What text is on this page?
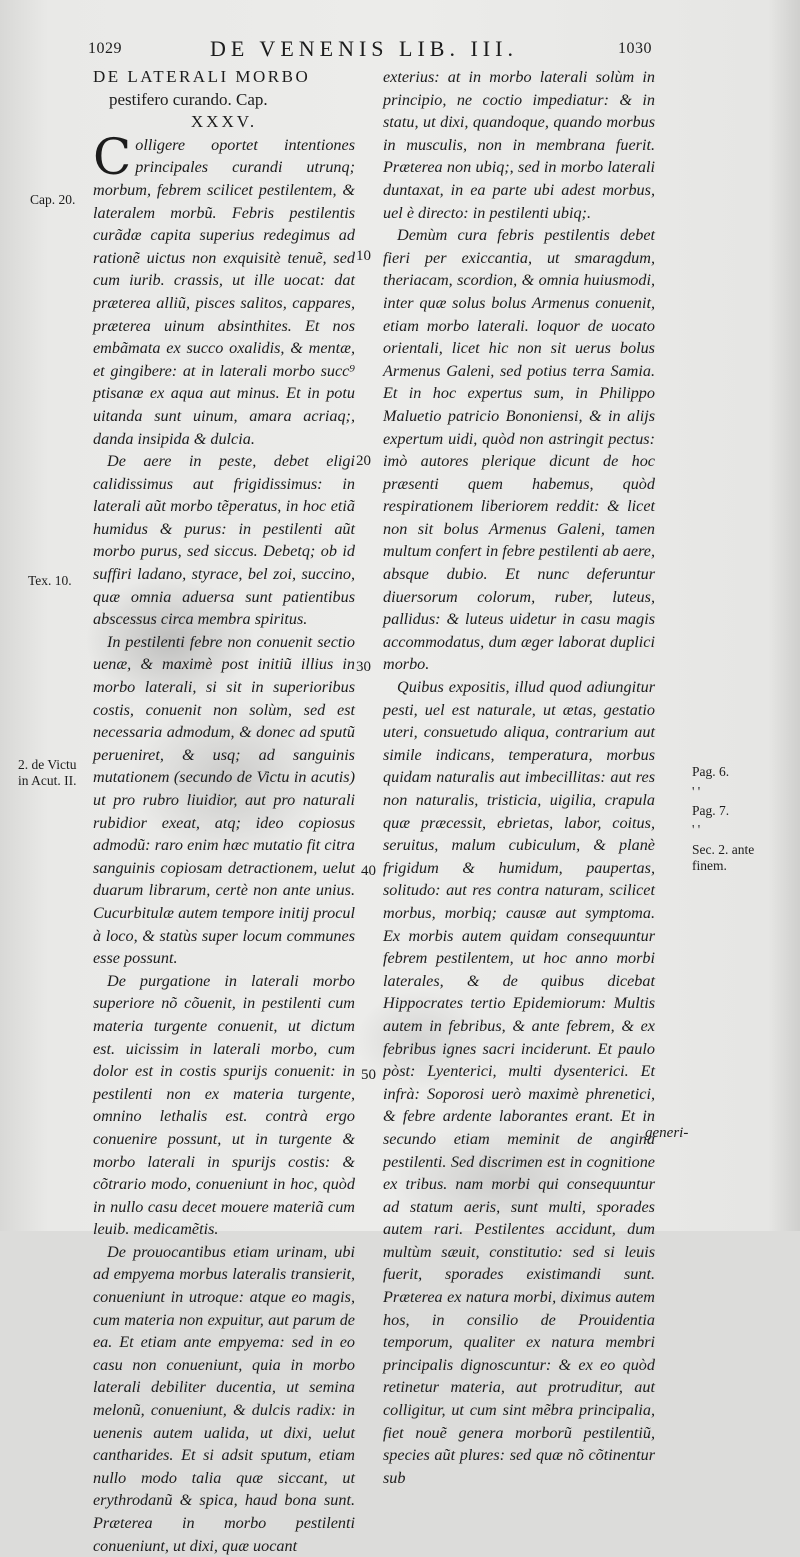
1029	DE VENENIS LIB. III.	1030
DE LATERALI MORBO
pestifero curando. Cap.
XXXV.

Colligere oportet intentiones principales curandi utrunq; morbum, febrem scilicet pestilentem, & lateralem morbũ. Febris pestilentis curãdæ capita superius redegimus ad rationẽ uictus non exquisitè tenuẽ, sed cum iurib. crassis, ut ille uocat: dat præterea alliũ, pisces salitos, cappares, præterea uinum absinthites. Et nos embãmata ex succo oxalidis, & mentæ, et gingibere: at in laterali morbo succ⁹ ptisanæ ex aqua aut minus. Et in potu uitanda sunt uinum, amara acriaq;, danda insipida & dulcia.

De aere in peste, debet eligi calidissimus aut frigidissimus: in laterali aũt morbo tẽperatus, in hoc etiã humidus & purus: in pestilenti aũt morbo purus, sed siccus. Debetq; ob id suffiri ladano, styrace, bel zoi, succino, quæ omnia aduersa sunt patientibus abscessus circa membra spiritus.

In pestilenti febre non conuenit sectio uenæ, & maximè post initiũ illius in morbo laterali, si sit in superioribus costis, conuenit non solùm, sed est necessaria admodum, & donec ad sputũ perueniret, & usq; ad sanguinis mutationem (secundo de Victu in acutis) ut pro rubro liuidior, aut pro naturali rubidior exeat, atq; ideo copiosus admodũ: raro enim hæc mutatio fit citra sanguinis copiosam detractionem, uelut duarum librarum, certè non ante unius. Cucurbitulæ autem tempore initij procul à loco, & statùs super locum communes esse possunt.

De purgatione in laterali morbo superiore nõ cõuenit, in pestilenti cum materia turgente conuenit, ut dictum est. uicissim in laterali morbo, cum dolor est in costis spurijs conuenit: in pestilenti non ex materia turgente, omnino lethalis est. contrà ergo conuenire possunt, ut in turgente & morbo laterali in spurijs costis: & cõtrario modo, conueniunt in hoc, quòd in nullo casu decet mouere materiã cum leuib. medicamẽtis.

De prouocantibus etiam urinam, ubi ad empyema morbus lateralis transierit, conueniunt in utroque: atque eo magis, cum materia non expuitur, aut parum de ea. Et etiam ante empyema: sed in eo casu non conueniunt, quia in morbo laterali debiliter ducentia, ut semina melonũ, conueniunt, & dulcis radix: in uenenis autem ualida, ut dixi, uelut cantharides. Et si adsit sputum, etiam nullo modo talia quæ siccant, ut erythrodanũ & spica, haud bona sunt. Præterea in morbo pestilenti conueniunt, ut dixi, quæ uocant

exterius: at in morbo laterali solùm in principio, ne coctio impediatur: & in statu, ut dixi, quandoque, quando morbus in musculis, non in membrana fuerit. Præterea non ubiq;, sed in morbo laterali duntaxat, in ea parte ubi adest morbus, uel è directo: in pestilenti ubiq;.

Demùm cura febris pestilentis debet fieri per exiccantia, ut smaragdum, theriacam, scordion, & omnia huiusmodi, inter quæ solus bolus Armenus conuenit, etiam morbo laterali. loquor de uocato orientali, licet hic non sit uerus bolus Armenus Galeni, sed potius terra Samia. Et in hoc expertus sum, in Philippo Maluetio patricio Bononiensi, & in alijs expertum uidi, quòd non astringit pectus: imò autores plerique dicunt de hoc præsenti quem habemus, quòd respirationem liberiorem reddit: & licet non sit bolus Armenus Galeni, tamen multum confert in febre pestilenti ab aere, absque dubio. Et nunc deferuntur diuersorum colorum, ruber, luteus, pallidus: & luteus uidetur in casu magis accommodatus, dum æger laborat duplici morbo.

Quibus expositis, illud quod adiungitur pesti, uel est naturale, ut ætas, gestatio uteri, consuetudo aliqua, contrarium aut simile indicans, temperatura, morbus quidam naturalis aut imbecillitas: aut res non naturalis, tristicia, uigilia, crapula quæ præcessit, ebrietas, labor, coitus, seruitus, malum cubiculum, & planè frigidum & humidum, paupertas, solitudo: aut res contra naturam, scilicet morbus, morbiq; causæ aut symptoma. Ex morbis autem quidam consequuntur febrem pestilentem, ut hoc anno morbi laterales, & de quibus dicebat Hippocrates tertio Epidemiorum: Multis autem in febribus, & ante febrem, & ex febribus ignes sacri inciderunt. Et paulo pòst: Lyenterici, multi dysenterici. Et infrà: Soporosi uerò maximè phrenetici, & febre ardente laborantes erant. Et in secundo etiam meminit de angina pestilenti. Sed discrimen est in cognitione ex tribus. nam morbi qui consequuntur ad statum aeris, sunt multi, sporades autem rari. Pestilentes accidunt, dum multùm sæuit, constitutio: sed si leuis fuerit, sporades existimandi sunt. Præterea ex natura morbi, diximus autem hos, in consilio de Prouidentia temporum, qualiter ex natura membri principalis dignoscuntur: & ex eo quòd retinetur materia, aut protruditur, aut colligitur, ut cum sint mẽbra principalia, fiet nouẽ genera morborũ pestilentiũ, species aũt plures: sed quæ nõ cõtinentur sub

generi-
Cap. 20.
Tex. 10.
2. de Victu
in Acut. II.
Pag. 6.
' '
Pag. 7.
' '
Sec. 2. ante
finem.
10
20
30
40
50
